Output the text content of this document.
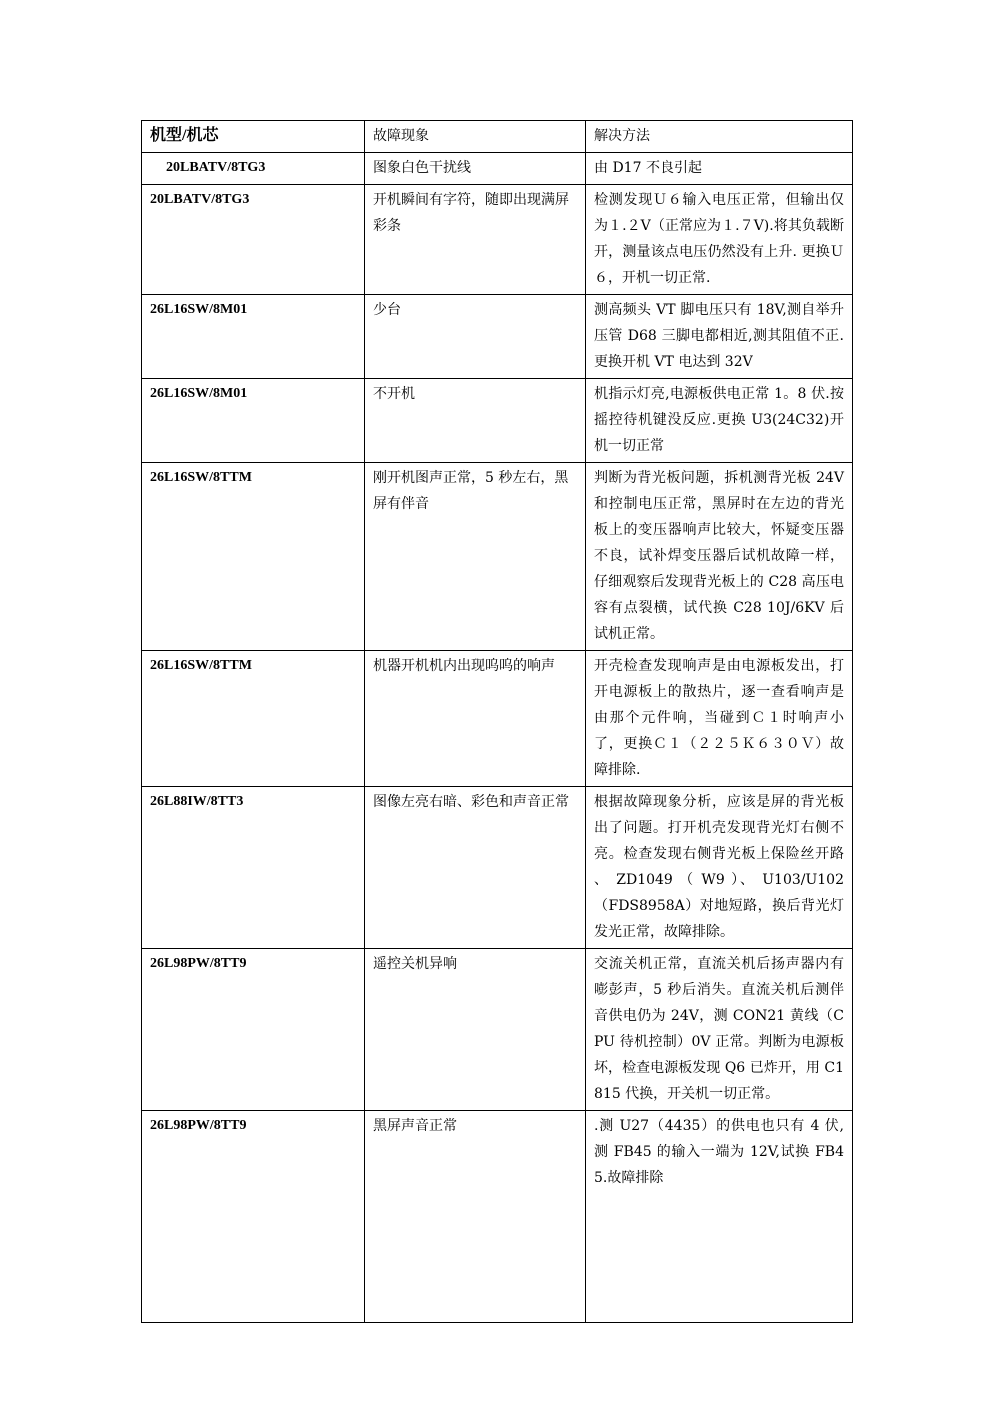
机型/机芯	故障现象	解决方法
20LBATV/8TG3	图象白色干扰线	由 D17 不良引起
20LBATV/8TG3	开机瞬间有字符，随即出现满屏彩条	检测发现Ｕ６输入电压正常，但输出仅为１.２V（正常应为１.７V).将其负载断开，测量该点电压仍然没有上升. 更换Ｕ６，开机一切正常.
26L16SW/8M01	少台	测高频头 VT 脚电压只有 18V,测自举升压管 D68 三脚电都相近,测其阻值不正.更换开机 VT 电达到 32V
26L16SW/8M01	不开机	机指示灯亮,电源板供电正常 1。8 伏.按摇控待机键没反应.更换 U3(24C32)开机一切正常
26L16SW/8TTM	刚开机图声正常，5 秒左右，黑屏有伴音	判断为背光板问题，拆机测背光板 24V 和控制电压正常，黑屏时在左边的背光板上的变压器响声比较大，怀疑变压器不良，试补焊变压器后试机故障一样，仔细观察后发现背光板上的 C28 高压电容有点裂横，试代换 C28 10J/6KV 后试机正常。
26L16SW/8TTM	机器开机机内出现呜呜的响声	开壳检查发现响声是由电源板发出，打开电源板上的散热片，逐一查看响声是由那个元件响，当碰到Ｃ１时响声小了，更换Ｃ１（２２５Ｋ６３０Ｖ）故障排除.
26L88IW/8TT3	图像左亮右暗、彩色和声音正常	根据故障现象分析，应该是屏的背光板出了问题。打开机壳发现背光灯右侧不亮。检查发现右侧背光板上保险丝开路 、 ZD1049 （ W9 ）、 U103/U102（FDS8958A）对地短路，换后背光灯发光正常，故障排除。
26L98PW/8TT9	遥控关机异响	交流关机正常，直流关机后扬声器内有嘭彭声，5 秒后消失。直流关机后测伴音供电仍为 24V，测 CON21 黄线（CPU 待机控制）0V 正常。判断为电源板坏，检查电源板发现 Q6 已炸开，用 C1815 代换，开关机一切正常。
26L98PW/8TT9	黑屏声音正常	.测 U27（4435）的供电也只有 4 伏,测 FB45 的输入一端为 12V,试换 FB45.故障排除
